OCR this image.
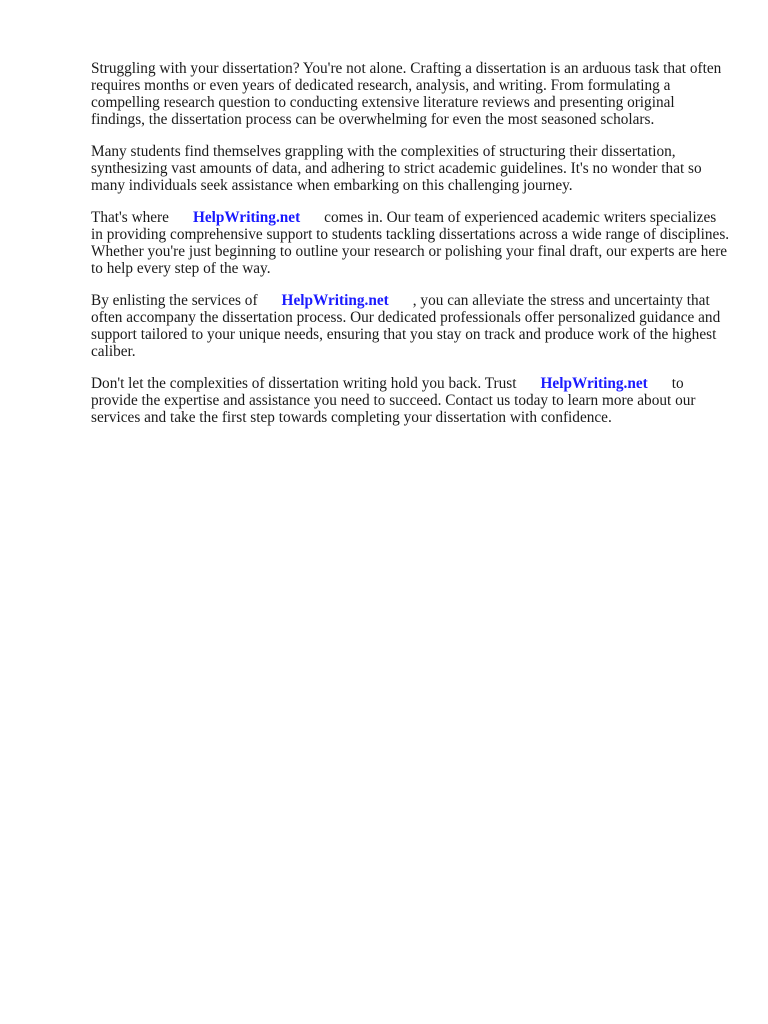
Struggling with your dissertation? You're not alone. Crafting a dissertation is an arduous task that often requires months or even years of dedicated research, analysis, and writing. From formulating a compelling research question to conducting extensive literature reviews and presenting original findings, the dissertation process can be overwhelming for even the most seasoned scholars.

Many students find themselves grappling with the complexities of structuring their dissertation, synthesizing vast amounts of data, and adhering to strict academic guidelines. It's no wonder that so many individuals seek assistance when embarking on this challenging journey.

That's where HelpWriting.net comes in. Our team of experienced academic writers specializes in providing comprehensive support to students tackling dissertations across a wide range of disciplines. Whether you're just beginning to outline your research or polishing your final draft, our experts are here to help every step of the way.

By enlisting the services of HelpWriting.net , you can alleviate the stress and uncertainty that often accompany the dissertation process. Our dedicated professionals offer personalized guidance and support tailored to your unique needs, ensuring that you stay on track and produce work of the highest caliber.

Don't let the complexities of dissertation writing hold you back. Trust HelpWriting.net to provide the expertise and assistance you need to succeed. Contact us today to learn more about our services and take the first step towards completing your dissertation with confidence.
